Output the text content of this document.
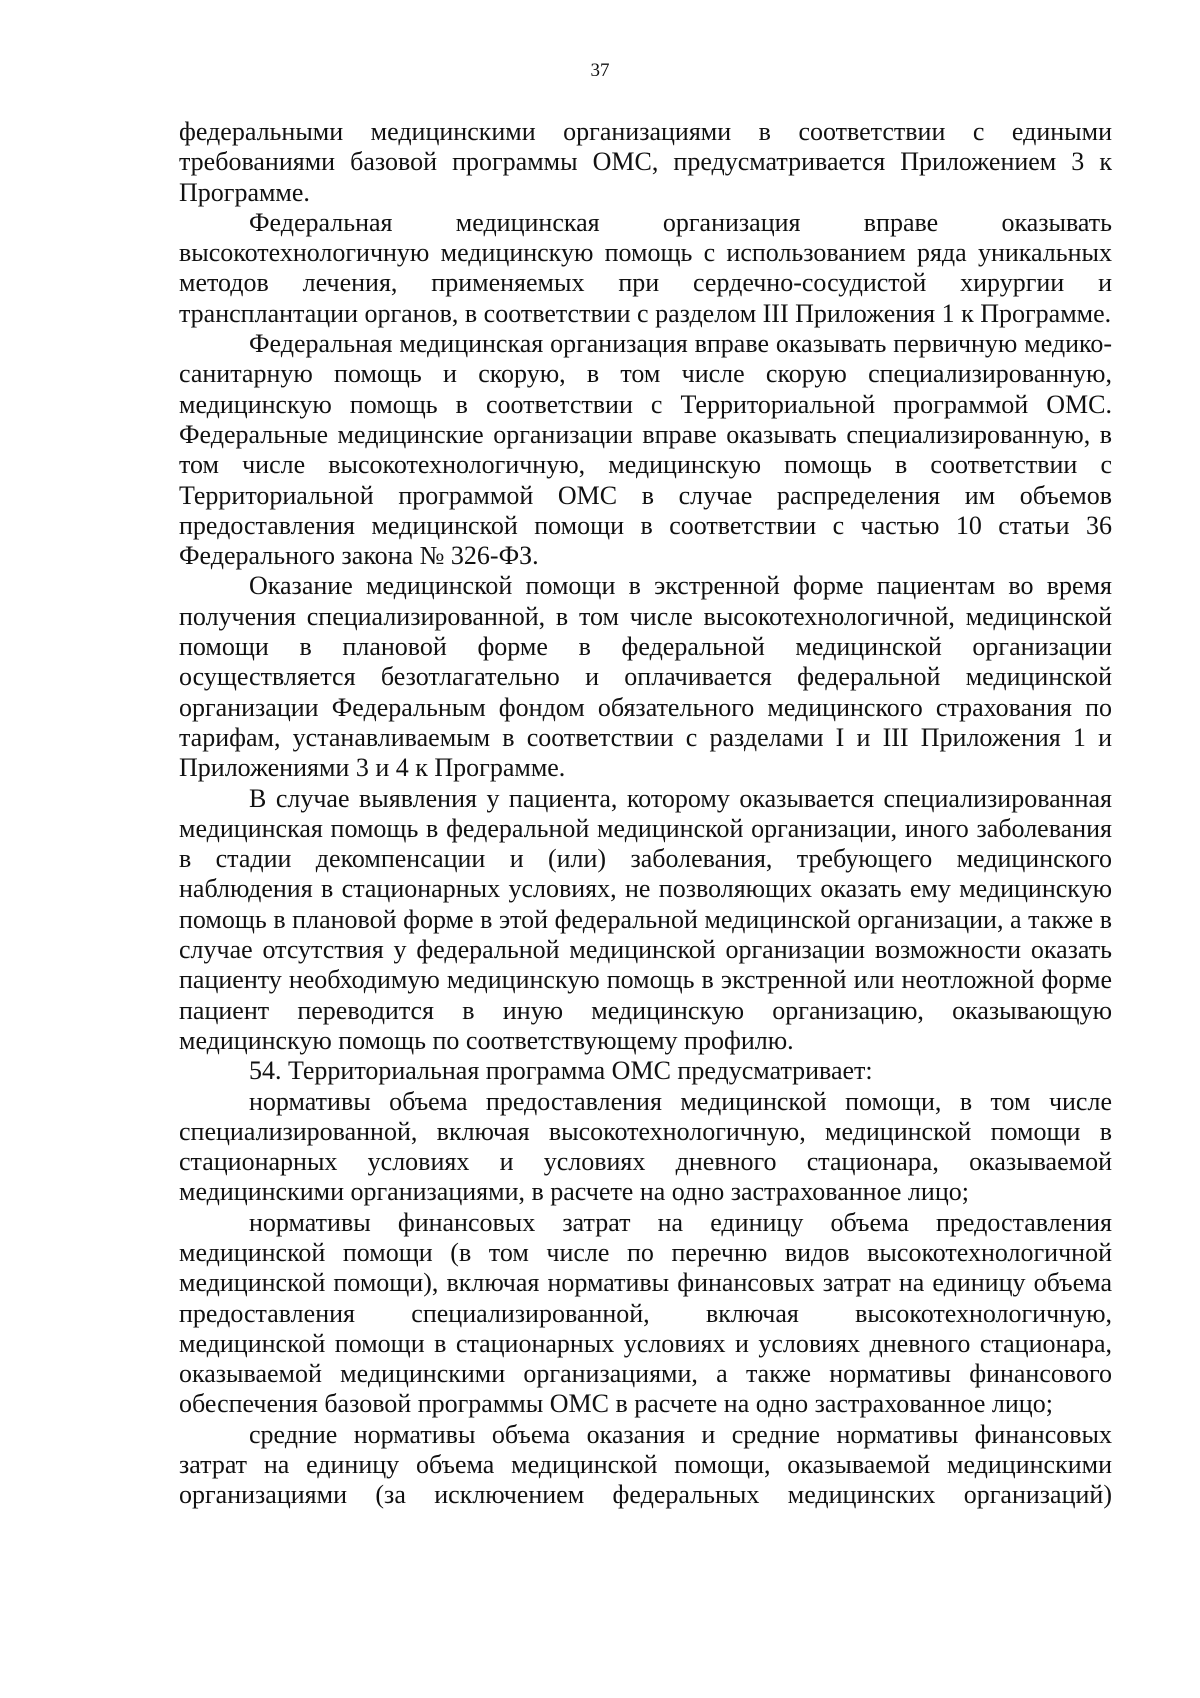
37

федеральными медицинскими организациями в соответствии с едиными требованиями базовой программы ОМС, предусматривается Приложением 3 к Программе.

Федеральная медицинская организация вправе оказывать высокотехнологичную медицинскую помощь с использованием ряда уникальных методов лечения, применяемых при сердечно-сосудистой хирургии и трансплантации органов, в соответствии с разделом III Приложения 1 к Программе.

Федеральная медицинская организация вправе оказывать первичную медико-санитарную помощь и скорую, в том числе скорую специализированную, медицинскую помощь в соответствии с Территориальной программой ОМС. Федеральные медицинские организации вправе оказывать специализированную, в том числе высокотехнологичную, медицинскую помощь в соответствии с Территориальной программой ОМС в случае распределения им объемов предоставления медицинской помощи в соответствии с частью 10 статьи 36 Федерального закона № 326-ФЗ.

Оказание медицинской помощи в экстренной форме пациентам во время получения специализированной, в том числе высокотехнологичной, медицинской помощи в плановой форме в федеральной медицинской организации осуществляется безотлагательно и оплачивается федеральной медицинской организации Федеральным фондом обязательного медицинского страхования по тарифам, устанавливаемым в соответствии с разделами I и III Приложения 1 и Приложениями 3 и 4 к Программе.

В случае выявления у пациента, которому оказывается специализированная медицинская помощь в федеральной медицинской организации, иного заболевания в стадии декомпенсации и (или) заболевания, требующего медицинского наблюдения в стационарных условиях, не позволяющих оказать ему медицинскую помощь в плановой форме в этой федеральной медицинской организации, а также в случае отсутствия у федеральной медицинской организации возможности оказать пациенту необходимую медицинскую помощь в экстренной или неотложной форме пациент переводится в иную медицинскую организацию, оказывающую медицинскую помощь по соответствующему профилю.

54. Территориальная программа ОМС предусматривает:

нормативы объема предоставления медицинской помощи, в том числе специализированной, включая высокотехнологичную, медицинской помощи в стационарных условиях и условиях дневного стационара, оказываемой медицинскими организациями, в расчете на одно застрахованное лицо;

нормативы финансовых затрат на единицу объема предоставления медицинской помощи (в том числе по перечню видов высокотехнологичной медицинской помощи), включая нормативы финансовых затрат на единицу объема предоставления специализированной, включая высокотехнологичную, медицинской помощи в стационарных условиях и условиях дневного стационара, оказываемой медицинскими организациями, а также нормативы финансового обеспечения базовой программы ОМС в расчете на одно застрахованное лицо;

средние нормативы объема оказания и средние нормативы финансовых затрат на единицу объема медицинской помощи, оказываемой медицинскими организациями (за исключением федеральных медицинских организаций)
